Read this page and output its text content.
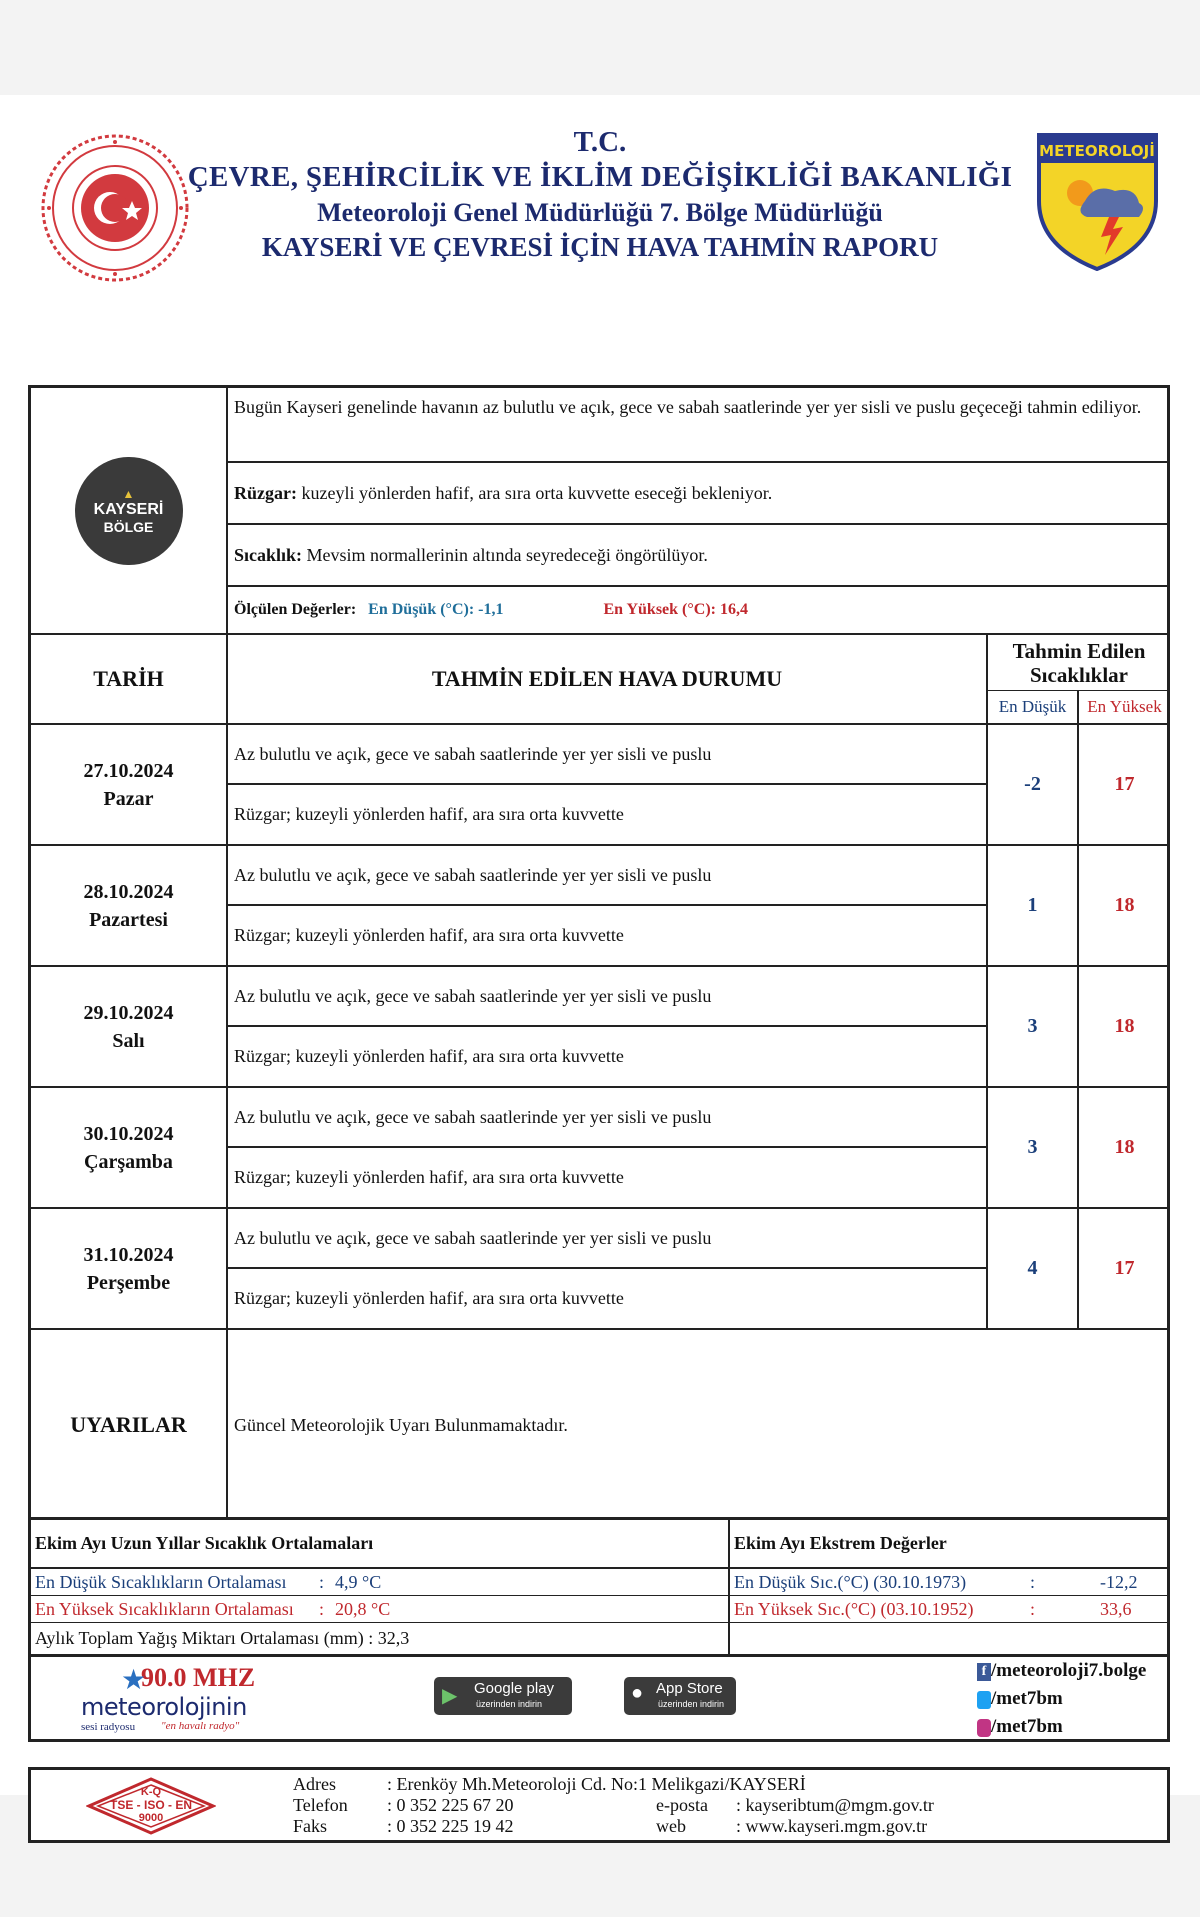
T.C.
ÇEVRE, ŞEHİRCİLİK VE İKLİM DEĞİŞİKLİĞİ BAKANLIĞI
Meteoroloji Genel Müdürlüğü 7. Bölge Müdürlüğü
KAYSERİ VE ÇEVRESİ İÇİN HAVA TAHMİN RAPORU
METEOROLOJİ
▲
KAYSERİ
BÖLGE
Bugün Kayseri genelinde havanın az bulutlu ve açık, gece ve sabah saatlerinde yer yer sisli ve puslu geçeceği tahmin ediliyor.
Rüzgar:
kuzeyli yönlerden hafif, ara sıra orta kuvvette eseceği bekleniyor.
Sıcaklık:
Mevsim normallerinin altında seyredeceği öngörülüyor.
Ölçülen Değerler: En Düşük (°C): -1,1	En Yüksek (°C): 16,4
TARİH	TAHMİN EDİLEN HAVA DURUMU
Tahmin Edilen
Sıcaklıklar
En Düşük	En Yüksek
27.10.2024
Pazar
Az bulutlu ve açık, gece ve sabah saatlerinde yer yer sisli ve puslu
Rüzgar; kuzeyli yönlerden hafif, ara sıra orta kuvvette
-2	17
28.10.2024
Pazartesi
Az bulutlu ve açık, gece ve sabah saatlerinde yer yer sisli ve puslu
Rüzgar; kuzeyli yönlerden hafif, ara sıra orta kuvvette
1	18
29.10.2024
Salı
Az bulutlu ve açık, gece ve sabah saatlerinde yer yer sisli ve puslu
Rüzgar; kuzeyli yönlerden hafif, ara sıra orta kuvvette
3	18
30.10.2024
Çarşamba
Az bulutlu ve açık, gece ve sabah saatlerinde yer yer sisli ve puslu
Rüzgar; kuzeyli yönlerden hafif, ara sıra orta kuvvette
3	18
31.10.2024
Perşembe
Az bulutlu ve açık, gece ve sabah saatlerinde yer yer sisli ve puslu
Rüzgar; kuzeyli yönlerden hafif, ara sıra orta kuvvette
4	17
UYARILAR	Güncel Meteorolojik Uyarı Bulunmamaktadır.
Ekim Ayı Uzun Yıllar Sıcaklık Ortalamaları	Ekim Ayı Ekstrem Değerler
En Düşük Sıcaklıkların Ortalaması	: 4,9 °C
En Yüksek Sıcaklıkların Ortalaması	: 20,8 °C
En Düşük Sıc.(°C) (30.10.1973)	:	-12,2
En Yüksek Sıc.(°C) (03.10.1952)	:	33,6
Aylık Toplam Yağış Miktarı Ortalaması (mm) : 32,3
90.0 MHZ
★
meteorolojinin
sesi radyosu "en havalı radyo"
▶ Google play
üzerinden indirin	● App Store
üzerinden indirin
f /meteoroloji7.bolge
/met7bm
/met7bm
K-Q
TSE - ISO - EN
9000
Adres	: Erenköy Mh.Meteoroloji Cd. No:1 Melikgazi/KAYSERİ
Telefon : 0 352 225 67 20
Faks	: 0 352 225 19 42
e-posta : kayseribtum@mgm.gov.tr
web	: www.kayseri.mgm.gov.tr
